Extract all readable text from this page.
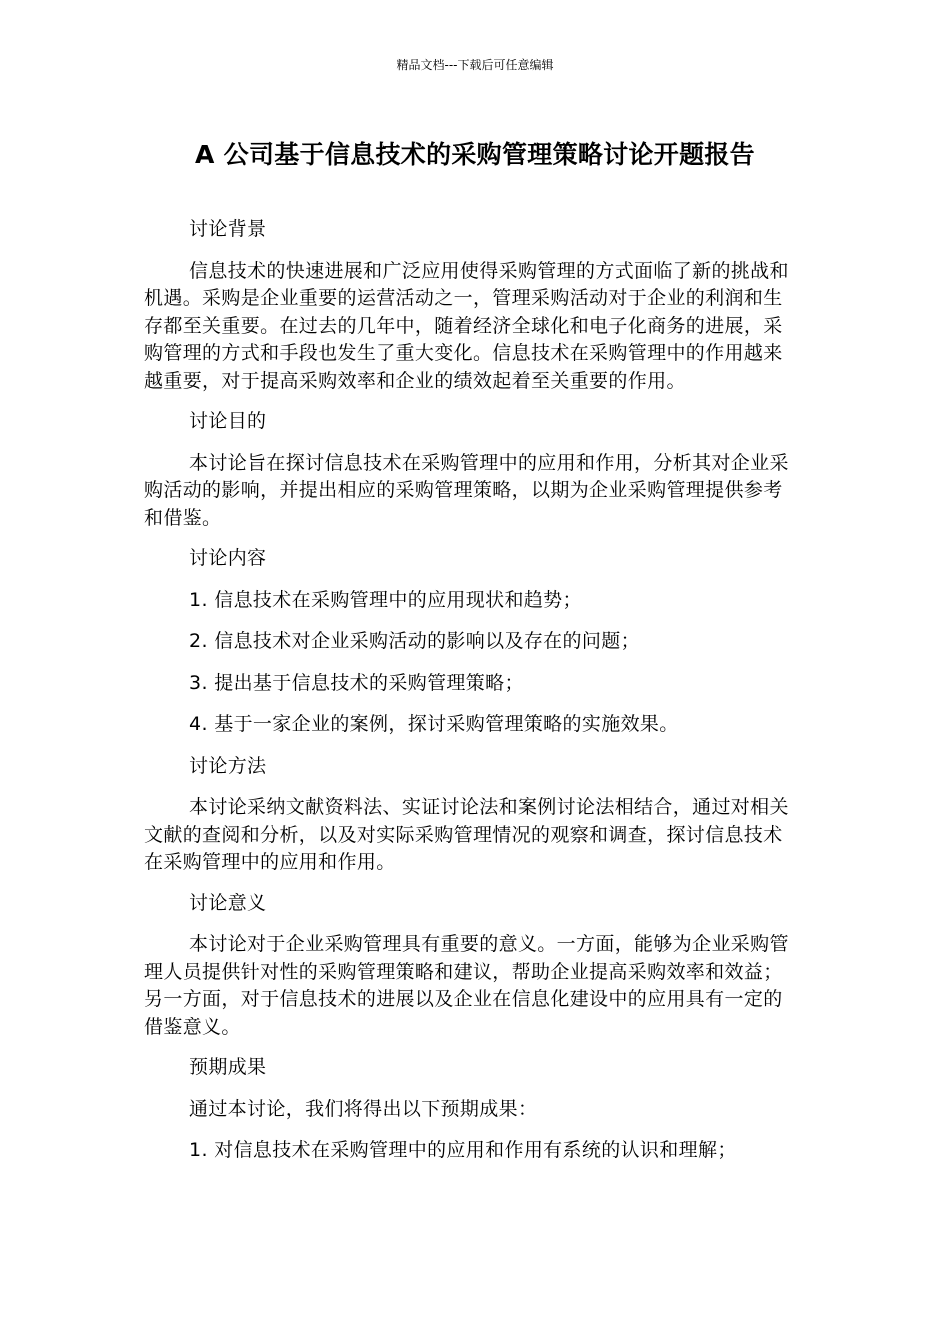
精品文档---下载后可任意编辑
A 公司基于信息技术的采购管理策略讨论开题报告
讨论背景
信息技术的快速进展和广泛应用使得采购管理的方式面临了新的挑战和机遇。采购是企业重要的运营活动之一，管理采购活动对于企业的利润和生存都至关重要。在过去的几年中，随着经济全球化和电子化商务的进展，采购管理的方式和手段也发生了重大变化。信息技术在采购管理中的作用越来越重要，对于提高采购效率和企业的绩效起着至关重要的作用。
讨论目的
本讨论旨在探讨信息技术在采购管理中的应用和作用，分析其对企业采购活动的影响，并提出相应的采购管理策略，以期为企业采购管理提供参考和借鉴。
讨论内容
1. 信息技术在采购管理中的应用现状和趋势；
2. 信息技术对企业采购活动的影响以及存在的问题；
3. 提出基于信息技术的采购管理策略；
4. 基于一家企业的案例，探讨采购管理策略的实施效果。
讨论方法
本讨论采纳文献资料法、实证讨论法和案例讨论法相结合，通过对相关文献的查阅和分析，以及对实际采购管理情况的观察和调查，探讨信息技术在采购管理中的应用和作用。
讨论意义
本讨论对于企业采购管理具有重要的意义。一方面，能够为企业采购管理人员提供针对性的采购管理策略和建议，帮助企业提高采购效率和效益；另一方面，对于信息技术的进展以及企业在信息化建设中的应用具有一定的借鉴意义。
预期成果
通过本讨论，我们将得出以下预期成果：
1. 对信息技术在采购管理中的应用和作用有系统的认识和理解；
